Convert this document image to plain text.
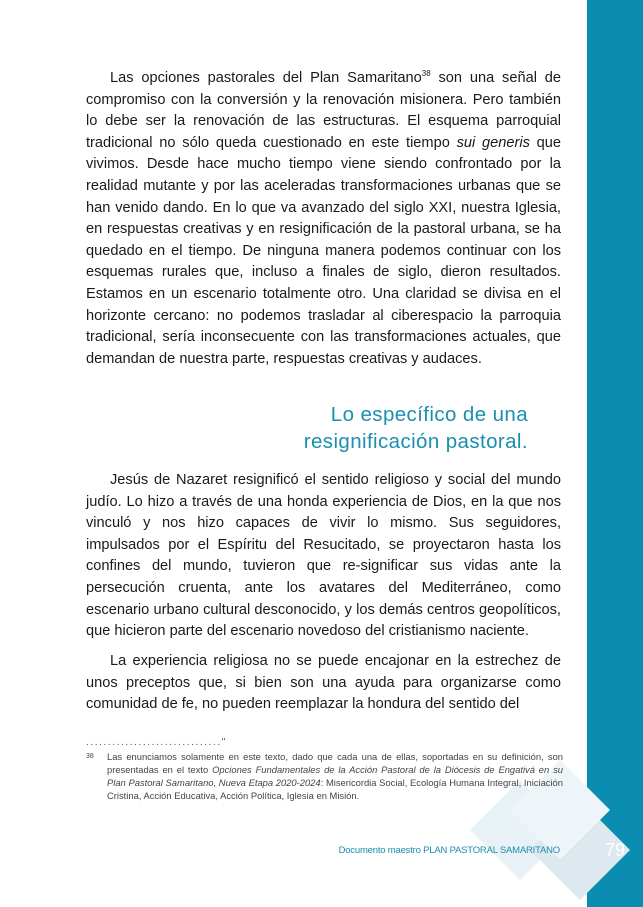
Las opciones pastorales del Plan Samaritano$^{38}$ son una señal de compromiso con la conversión y la renovación misionera. Pero también lo debe ser la renovación de las estructuras. El esquema parroquial tradicional no sólo queda cuestionado en este tiempo sui generis que vivimos. Desde hace mucho tiempo viene siendo confrontado por la realidad mutante y por las aceleradas transformaciones urbanas que se han venido dando. En lo que va avanzado del siglo XXI, nuestra Iglesia, en respuestas creativas y en resignificación de la pastoral urbana, se ha quedado en el tiempo. De ninguna manera podemos continuar con los esquemas rurales que, incluso a finales de siglo, dieron resultados. Estamos en un escenario totalmente otro. Una claridad se divisa en el horizonte cercano: no podemos trasladar al ciberespacio la parroquia tradicional, sería inconsecuente con las transformaciones actuales, que demandan de nuestra parte, respuestas creativas y audaces.

Lo específico de una
resignificación pastoral.

Jesús de Nazaret resignificó el sentido religioso y social del mundo judío. Lo hizo a través de una honda experiencia de Dios, en la que nos vinculó y nos hizo capaces de vivir lo mismo. Sus seguidores, impulsados por el Espíritu del Resucitado, se proyectaron hasta los confines del mundo, tuvieron que re-significar sus vidas ante la persecución cruenta, ante los avatares del Mediterráneo, como escenario urbano cultural desconocido, y los demás centros geopolíticos, que hicieron parte del escenario novedoso del cristianismo naciente.

La experiencia religiosa no se puede encajonar en la estrechez de unos preceptos que, si bien son una ayuda para organizarse como comunidad de fe, no pueden reemplazar la hondura del sentido del

..............................."
38 Las enunciamos solamente en este texto, dado que cada una de ellas, soportadas en su definición, son presentadas en el texto Opciones Fundamentales de la Acción Pastoral de la Diócesis de Engativá en su Plan Pastoral Samaritano, Nueva Etapa 2020-2024: Misericordia Social, Ecología Humana Integral, Iniciación Cristina, Acción Educativa, Acción Política, Iglesia en Misión.
Documento maestro PLAN PASTORAL SAMARITANO	79
